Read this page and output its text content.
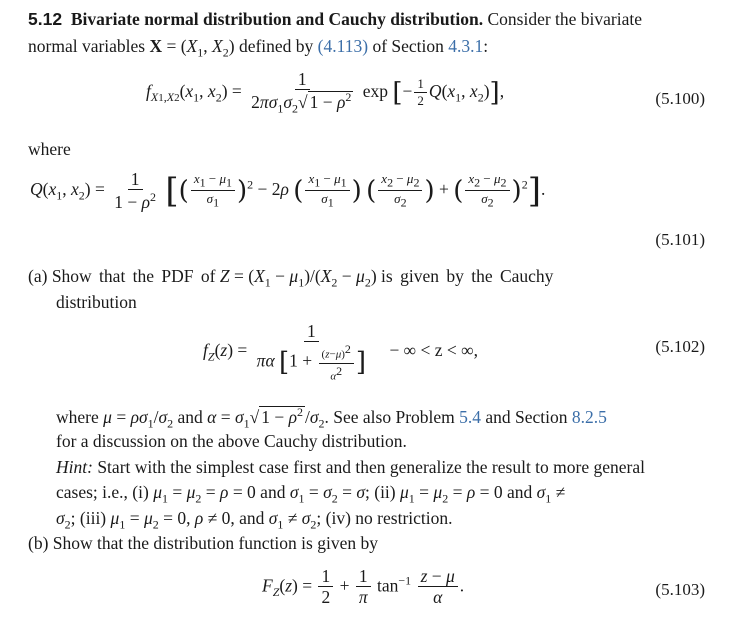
5.12 Bivariate normal distribution and Cauchy distribution. Consider the bivariate
normal variables $X = (X_1$, $X_2$) defined by (4.113) of Section 4.3.1:
$f_{X1,X2}(x_1$, $x_2) = \frac{1}{2\pi\sigma_1\sigma_2√ 1 - \rho^2}$ exp [− $\frac{1}{2} Q(x_1$, $x_2$)],	(5.100)
where
$Q(x_1$, $x_2) = \frac{1}{1 - \rho^2}$ [( $\frac{x_1 - \mu_1}{\sigma_1} )^2 - 2\rho$ ( $\frac{x_1 - \mu_1}{\sigma_1}$ ) ( $\frac{x_2 - \mu_2}{\sigma_2}$ ) + ( $\frac{x_2 - \mu_2}{\sigma_2} )^2$].
(5.101)
(a) Show that the PDF of $Z = (X_1 - \mu_1)/(X_2 - \mu_2)$ is given by the Cauchy
distribution
$f_Z(z) = \frac{1}{\pi\alpha [1 + \frac{(z-\mu)^2}{\alpha^2} ]}$ − ∞ < z < ∞,	(5.102)
where $\mu = \rho\sigma_1/\sigma_2$ and $\alpha = \sigma_1√$ $1 - \rho^2$ $/\sigma_2$. See also Problem 5.4 and Section 8.2.5
for a discussion on the above Cauchy distribution.
Hint: Start with the simplest case first and then generalize the result to more general
cases; i.e., (i) $\mu_1 = \mu_2 = \rho = 0$ and $\sigma_1 = \sigma_2 = \sigma$; (ii) $\mu_1 = \mu_2 = \rho = 0$ and $\sigma_1$ ≠
$\sigma_2$; (iii) $\mu_1 = \mu_2 = 0$, ρ ≠ 0, and $\sigma_1 \ne \sigma_2$; (iv) no restriction.
(b) Show that the distribution function is given by
$F_Z(z) = \frac{1}{2} + \frac{1}{\pi} \tan^{-1} \frac{z - \mu}{\alpha}$ .	(5.103)
